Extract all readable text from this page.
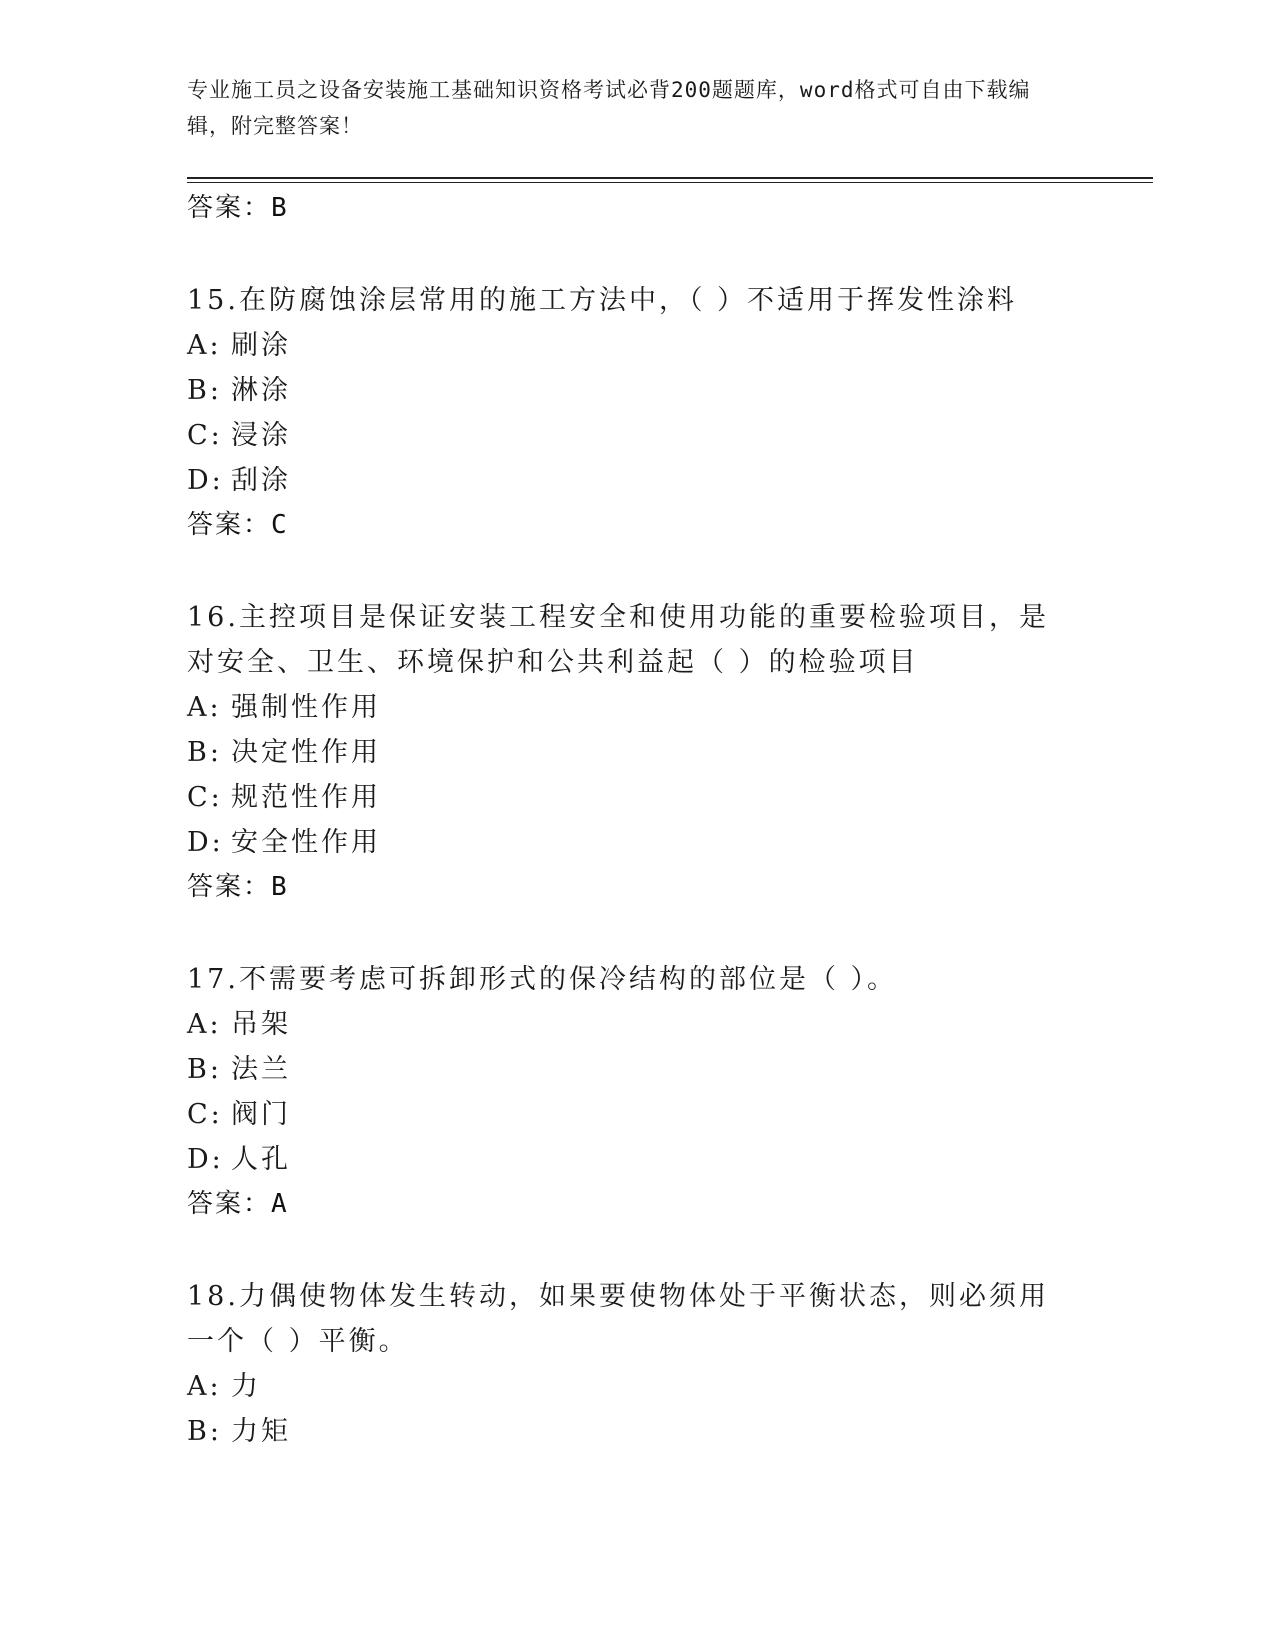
专业施工员之设备安装施工基础知识资格考试必背200题题库，word格式可自由下载编辑，附完整答案！
答案：B
15.在防腐蚀涂层常用的施工方法中，（ ）不适用于挥发性涂料
A: 刷涂
B: 淋涂
C: 浸涂
D: 刮涂
答案：C
16.主控项目是保证安装工程安全和使用功能的重要检验项目，是对安全、卫生、环境保护和公共利益起（ ）的检验项目
A: 强制性作用
B: 决定性作用
C: 规范性作用
D: 安全性作用
答案：B
17.不需要考虑可拆卸形式的保冷结构的部位是（ ）。
A: 吊架
B: 法兰
C: 阀门
D: 人孔
答案：A
18.力偶使物体发生转动，如果要使物体处于平衡状态，则必须用一个（ ）平衡。
A: 力
B: 力矩
